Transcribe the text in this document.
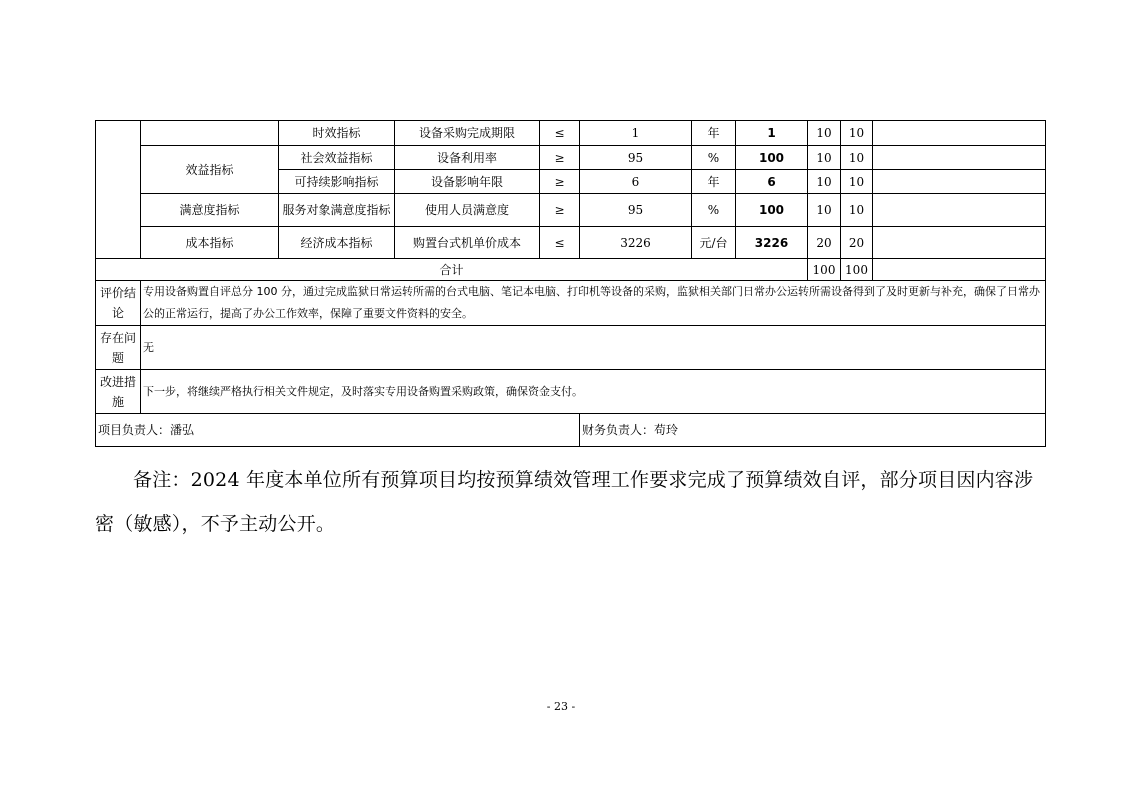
		时效指标	设备采购完成期限	≤	1	年	1	10	10	
	效益指标	社会效益指标	设备利用率	≥	95	%	100	10	10	
		可持续影响指标	设备影响年限	≥	6	年	6	10	10	
	满意度指标	服务对象满意度指标	使用人员满意度	≥	95	%	100	10	10	
	成本指标	经济成本指标	购置台式机单价成本	≤	3226	元/台	3226	20	20	
合计								100	100	
评价结论	专用设备购置自评总分 100 分，通过完成监狱日常运转所需的台式电脑、笔记本电脑、打印机等设备的采购，监狱相关部门日常办公运转所需设备得到了及时更新与补充，确保了日常办公的正常运行，提高了办公工作效率，保障了重要文件资料的安全。									
存在问题	无									
改进措施	下一步，将继续严格执行相关文件规定，及时落实专用设备购置采购政策，确保资金支付。									
项目负责人：潘弘					财务负责人：苟玲					
备注：2024 年度本单位所有预算项目均按预算绩效管理工作要求完成了预算绩效自评，部分项目因内容涉密（敏感），不予主动公开。
- 23 -
